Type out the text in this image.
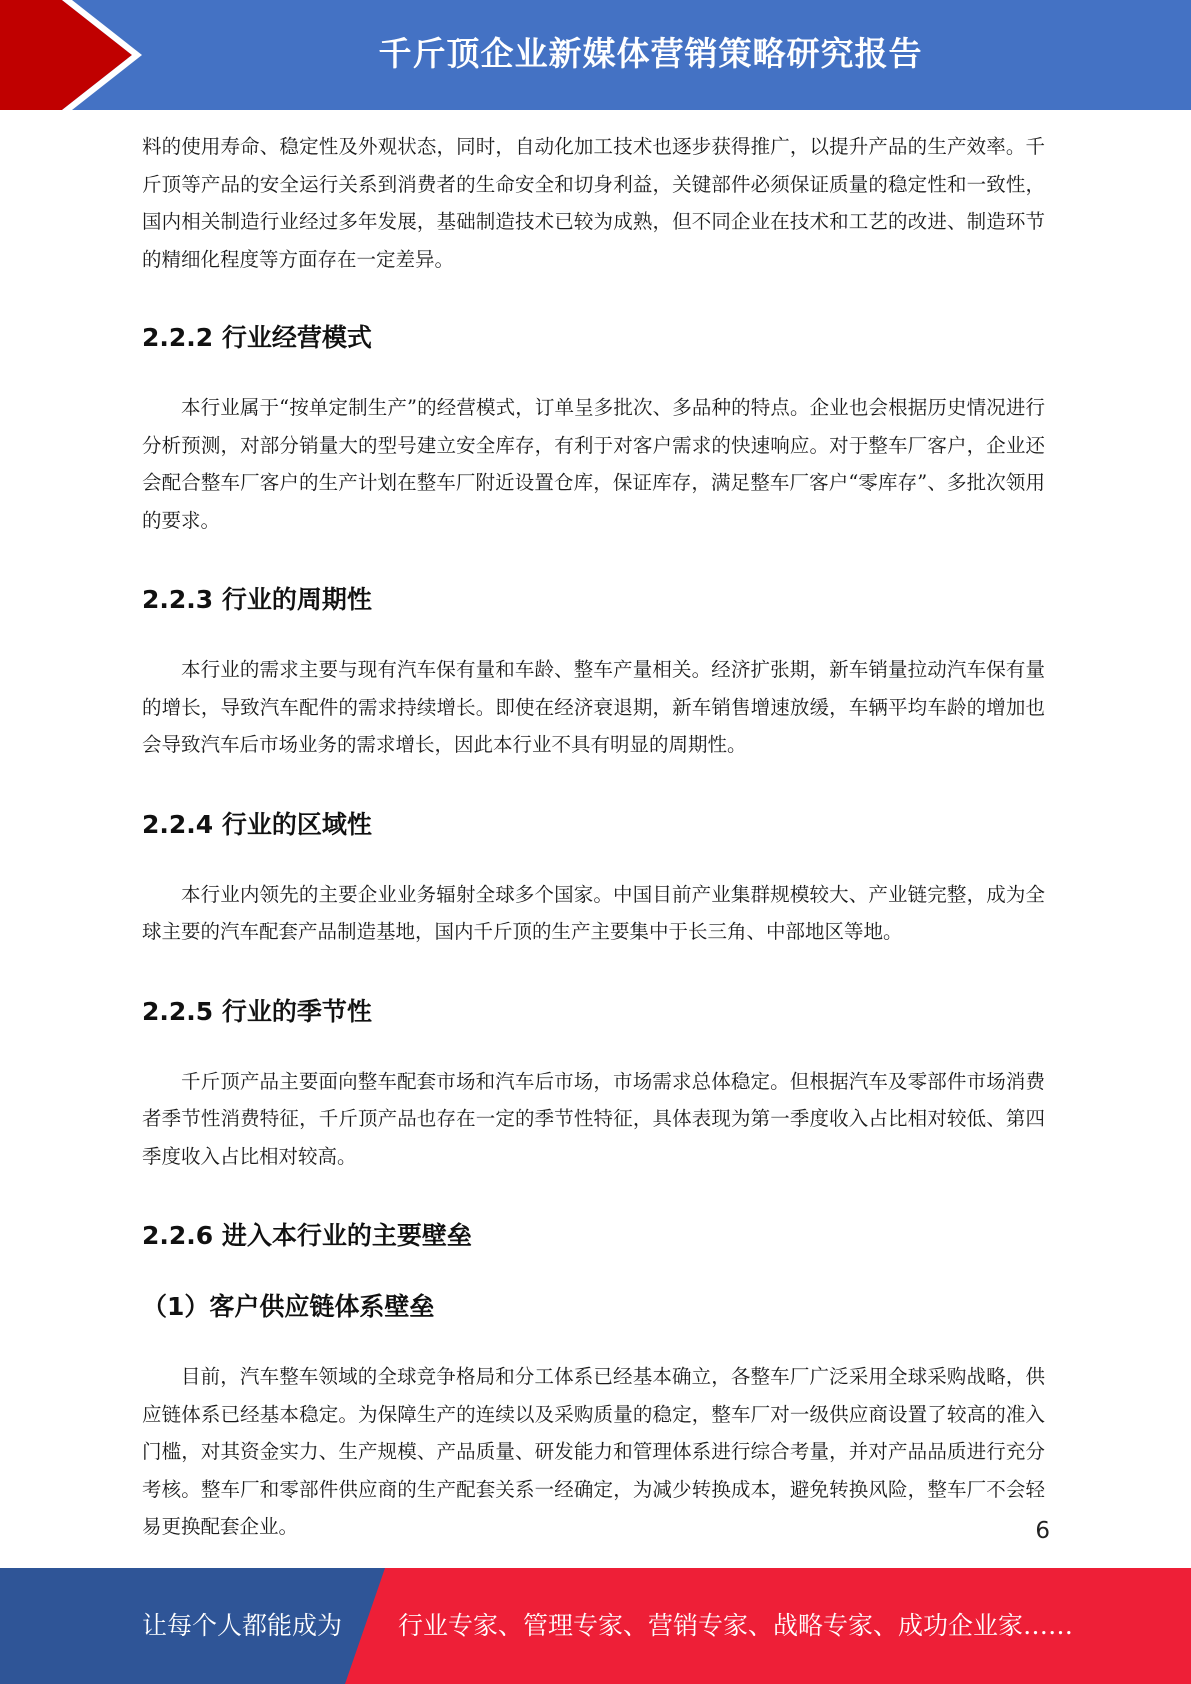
千斤顶企业新媒体营销策略研究报告

料的使用寿命、稳定性及外观状态，同时，自动化加工技术也逐步获得推广，以提升产品的生产效率。千斤顶等产品的安全运行关系到消费者的生命安全和切身利益，关键部件必须保证质量的稳定性和一致性，国内相关制造行业经过多年发展，基础制造技术已较为成熟，但不同企业在技术和工艺的改进、制造环节的精细化程度等方面存在一定差异。

2.2.2 行业经营模式

本行业属于“按单定制生产”的经营模式，订单呈多批次、多品种的特点。企业也会根据历史情况进行分析预测，对部分销量大的型号建立安全库存，有利于对客户需求的快速响应。对于整车厂客户，企业还会配合整车厂客户的生产计划在整车厂附近设置仓库，保证库存，满足整车厂客户“零库存”、多批次领用的要求。

2.2.3 行业的周期性

本行业的需求主要与现有汽车保有量和车龄、整车产量相关。经济扩张期，新车销量拉动汽车保有量的增长，导致汽车配件的需求持续增长。即使在经济衰退期，新车销售增速放缓，车辆平均车龄的增加也会导致汽车后市场业务的需求增长，因此本行业不具有明显的周期性。

2.2.4 行业的区域性

本行业内领先的主要企业业务辐射全球多个国家。中国目前产业集群规模较大、产业链完整，成为全球主要的汽车配套产品制造基地，国内千斤顶的生产主要集中于长三角、中部地区等地。

2.2.5 行业的季节性

千斤顶产品主要面向整车配套市场和汽车后市场，市场需求总体稳定。但根据汽车及零部件市场消费者季节性消费特征，千斤顶产品也存在一定的季节性特征，具体表现为第一季度收入占比相对较低、第四季度收入占比相对较高。

2.2.6 进入本行业的主要壁垒
（1）客户供应链体系壁垒

目前，汽车整车领域的全球竞争格局和分工体系已经基本确立，各整车厂广泛采用全球采购战略，供应链体系已经基本稳定。为保障生产的连续以及采购质量的稳定，整车厂对一级供应商设置了较高的准入门槛，对其资金实力、生产规模、产品质量、研发能力和管理体系进行综合考量，并对产品品质进行充分考核。整车厂和零部件供应商的生产配套关系一经确定，为减少转换成本，避免转换风险，整车厂不会轻易更换配套企业。	6
让每个人都能成为 行业专家、管理专家、营销专家、战略专家、成功企业家……
